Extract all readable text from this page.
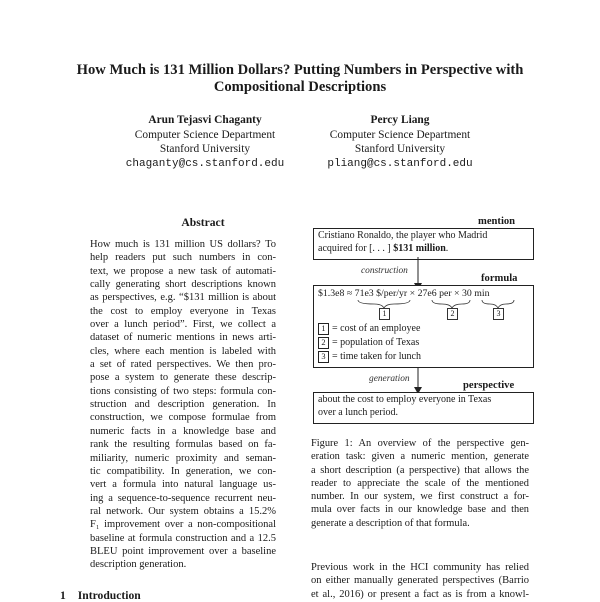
How Much is 131 Million Dollars? Putting Numbers in Perspective with
Compositional Descriptions
Arun Tejasvi Chaganty
Computer Science Department
Stanford University
chaganty@cs.stanford.edu
Percy Liang
Computer Science Department
Stanford University
pliang@cs.stanford.edu
Abstract
How much is 131 million US dollars? To
help readers put such numbers in con-
text, we propose a new task of automati-
cally generating short descriptions known
as perspectives, e.g. “$131 million is about
the cost to employ everyone in Texas
over a lunch period”. First, we collect a
dataset of numeric mentions in news arti-
cles, where each mention is labeled with
a set of rated perspectives. We then pro-
pose a system to generate these descrip-
tions consisting of two steps: formula con-
struction and description generation. In
construction, we compose formulae from
numeric facts in a knowledge base and
rank the resulting formulas based on fa-
miliarity, numeric proximity and seman-
tic compatibility. In generation, we con-
vert a formula into natural language us-
ing a sequence-to-sequence recurrent neu-
ral network. Our system obtains a 15.2%
F₁ improvement over a non-compositional
baseline at formula construction and a 12.5
BLEU point improvement over a baseline
description generation.
1 Introduction
mention
Cristiano Ronaldo, the player who Madrid
acquired for [. . . ] $131 million.
construction
formula
$1.3e8 ≈ 71e3 $/per/yr × 27e6 per × 30 min
1	2	3
1 = cost of an employee
2 = population of Texas
3 = time taken for lunch
generation
perspective
about the cost to employ everyone in Texas
over a lunch period.
Figure 1: An overview of the perspective gen-
eration task: given a numeric mention, generate
a short description (a perspective) that allows the
reader to appreciate the scale of the mentioned
number. In our system, we first construct a for-
mula over facts in our knowledge base and then
generate a description of that formula.
Previous work in the HCI community has relied
on either manually generated perspectives (Barrio
et al., 2016) or present a fact as is from a knowl-
